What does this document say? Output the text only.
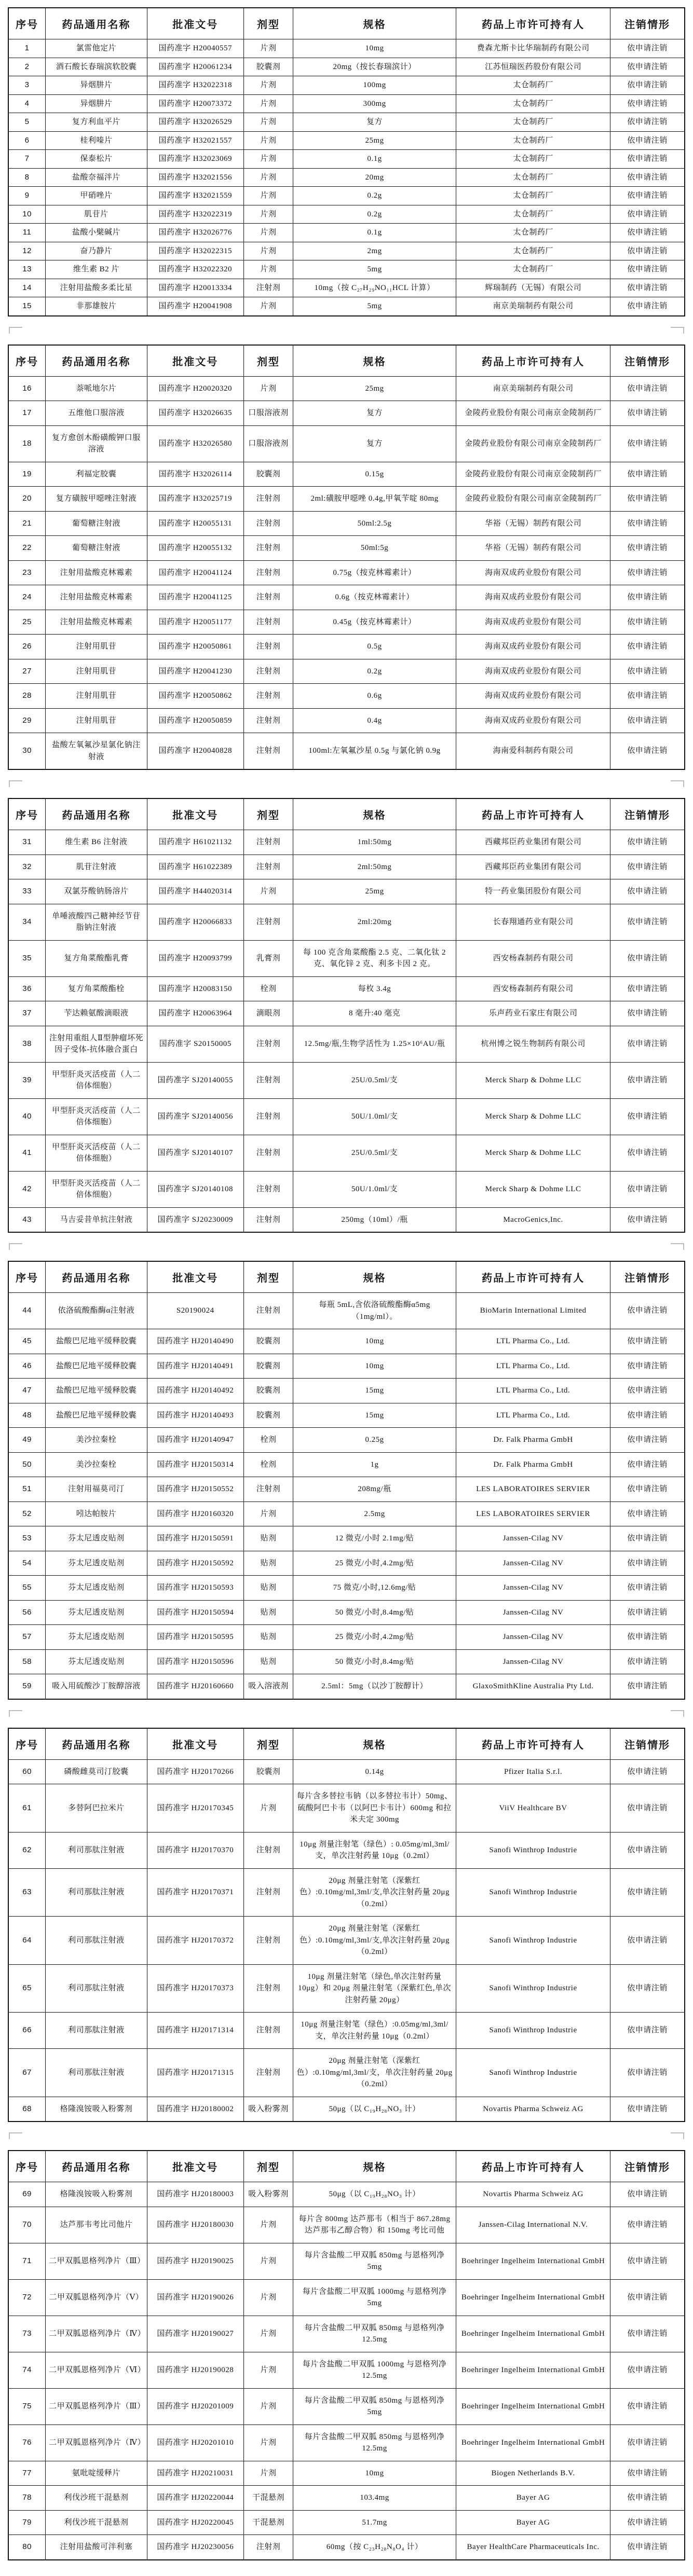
序号	药品通用名称	批准文号	剂型	规格	药品上市许可持有人	注销情形
1	氯雷他定片	国药准字 H20040557	片剂	10mg	费森尤斯卡比华瑞制药有限公司	依申请注销
2	酒石酸长春瑞滨软胶囊	国药准字 H20061234	胶囊剂	20mg（按长春瑞滨计）	江苏恒瑞医药股份有限公司	依申请注销
3	异烟肼片	国药准字 H32022318	片剂	100mg	太仓制药厂	依申请注销
4	异烟肼片	国药准字 H20073372	片剂	300mg	太仓制药厂	依申请注销
5	复方利血平片	国药准字 H32026529	片剂	复方	太仓制药厂	依申请注销
6	桂利嗪片	国药准字 H32021557	片剂	25mg	太仓制药厂	依申请注销
7	保泰松片	国药准字 H32023069	片剂	0.1g	太仓制药厂	依申请注销
8	盐酸奈福泮片	国药准字 H32021556	片剂	20mg	太仓制药厂	依申请注销
9	甲硝唑片	国药准字 H32021559	片剂	0.2g	太仓制药厂	依申请注销
10	肌苷片	国药准字 H32022319	片剂	0.2g	太仓制药厂	依申请注销
11	盐酸小檗碱片	国药准字 H32026776	片剂	0.1g	太仓制药厂	依申请注销
12	奋乃静片	国药准字 H32022315	片剂	2mg	太仓制药厂	依申请注销
13	维生素 B2 片	国药准字 H32022320	片剂	5mg	太仓制药厂	依申请注销
14	注射用盐酸多柔比星	国药准字 H20013334	注射剂	10mg（按 C₂₇H₂₉NO₁₁HCL 计算）	辉瑞制药（无锡）有限公司	依申请注销
15	非那雄胺片	国药准字 H20041908	片剂	5mg	南京美瑞制药有限公司	依申请注销
序号	药品通用名称	批准文号	剂型	规格	药品上市许可持有人	注销情形
16	萘哌地尔片	国药准字 H20020320	片剂	25mg	南京美瑞制药有限公司	依申请注销
17	五维他口服溶液	国药准字 H32026635	口服溶液剂	复方	金陵药业股份有限公司南京金陵制药厂	依申请注销
18	复方愈创木酚磺酸钾口服溶液	国药准字 H32026580	口服溶液剂	复方	金陵药业股份有限公司南京金陵制药厂	依申请注销
19	利福定胶囊	国药准字 H32026114	胶囊剂	0.15g	金陵药业股份有限公司南京金陵制药厂	依申请注销
20	复方磺胺甲噁唑注射液	国药准字 H32025719	注射剂	2ml:磺胺甲噁唑 0.4g,甲氧苄啶 80mg	金陵药业股份有限公司南京金陵制药厂	依申请注销
21	葡萄糖注射液	国药准字 H20055131	注射剂	50ml:2.5g	华裕（无锡）制药有限公司	依申请注销
22	葡萄糖注射液	国药准字 H20055132	注射剂	50ml:5g	华裕（无锡）制药有限公司	依申请注销
23	注射用盐酸克林霉素	国药准字 H20041124	注射剂	0.75g（按克林霉素计）	海南双成药业股份有限公司	依申请注销
24	注射用盐酸克林霉素	国药准字 H20041125	注射剂	0.6g（按克林霉素计）	海南双成药业股份有限公司	依申请注销
25	注射用盐酸克林霉素	国药准字 H20051177	注射剂	0.45g（按克林霉素计）	海南双成药业股份有限公司	依申请注销
26	注射用肌苷	国药准字 H20050861	注射剂	0.5g	海南双成药业股份有限公司	依申请注销
27	注射用肌苷	国药准字 H20041230	注射剂	0.2g	海南双成药业股份有限公司	依申请注销
28	注射用肌苷	国药准字 H20050862	注射剂	0.6g	海南双成药业股份有限公司	依申请注销
29	注射用肌苷	国药准字 H20050859	注射剂	0.4g	海南双成药业股份有限公司	依申请注销
30	盐酸左氧氟沙星氯化钠注射液	国药准字 H20040828	注射剂	100ml:左氧氟沙星 0.5g 与氯化钠 0.9g	海南爱科制药有限公司	依申请注销
序号	药品通用名称	批准文号	剂型	规格	药品上市许可持有人	注销情形
31	维生素 B6 注射液	国药准字 H61021132	注射剂	1ml:50mg	西藏邦臣药业集团有限公司	依申请注销
32	肌苷注射液	国药准字 H61022389	注射剂	2ml:50mg	西藏邦臣药业集团有限公司	依申请注销
33	双氯芬酸钠肠溶片	国药准字 H44020314	片剂	25mg	特一药业集团股份有限公司	依申请注销
34	单唾液酸四己糖神经节苷脂钠注射液	国药准字 H20066833	注射剂	2ml:20mg	长春翔通药业有限公司	依申请注销
35	复方角菜酸酯乳膏	国药准字 H20093799	乳膏剂	每 100 克含角菜酸酯 2.5 克、二氧化钛 2 克、氧化锌 2 克、利多卡因 2 克。	西安杨森制药有限公司	依申请注销
36	复方角菜酸酯栓	国药准字 H20083150	栓剂	每枚 3.4g	西安杨森制药有限公司	依申请注销
37	苄达赖氨酸滴眼液	国药准字 H20063964	滴眼剂	8 毫升:40 毫克	乐声药业石家庄有限公司	依申请注销
38	注射用重组人Ⅱ型肿瘤坏死因子受体-抗体融合蛋白	国药准字 S20150005	注射剂	12.5mg/瓶,生物学活性为 1.25×10⁶AU/瓶	杭州博之锐生物制药有限公司	依申请注销
39	甲型肝炎灭活疫苗（人二倍体细胞）	国药准字 SJ20140055	注射剂	25U/0.5ml/支	Merck Sharp & Dohme LLC	依申请注销
40	甲型肝炎灭活疫苗（人二倍体细胞）	国药准字 SJ20140056	注射剂	50U/1.0ml/支	Merck Sharp & Dohme LLC	依申请注销
41	甲型肝炎灭活疫苗（人二倍体细胞）	国药准字 SJ20140107	注射剂	25U/0.5ml/支	Merck Sharp & Dohme LLC	依申请注销
42	甲型肝炎灭活疫苗（人二倍体细胞）	国药准字 SJ20140108	注射剂	50U/1.0ml/支	Merck Sharp & Dohme LLC	依申请注销
43	马吉妥昔单抗注射液	国药准字 SJ20230009	注射剂	250mg（10ml）/瓶	MacroGenics,Inc.	依申请注销
序号	药品通用名称	批准文号	剂型	规格	药品上市许可持有人	注销情形
44	依洛硫酸酯酶α注射液	S20190024	注射剂	每瓶 5mL,含依洛硫酸酯酶α5mg（1mg/ml）。	BioMarin International Limited	依申请注销
45	盐酸巴尼地平缓释胶囊	国药准字 HJ20140490	胶囊剂	10mg	LTL Pharma Co., Ltd.	依申请注销
46	盐酸巴尼地平缓释胶囊	国药准字 HJ20140491	胶囊剂	10mg	LTL Pharma Co., Ltd.	依申请注销
47	盐酸巴尼地平缓释胶囊	国药准字 HJ20140492	胶囊剂	15mg	LTL Pharma Co., Ltd.	依申请注销
48	盐酸巴尼地平缓释胶囊	国药准字 HJ20140493	胶囊剂	15mg	LTL Pharma Co., Ltd.	依申请注销
49	美沙拉秦栓	国药准字 HJ20140947	栓剂	0.25g	Dr. Falk Pharma GmbH	依申请注销
50	美沙拉秦栓	国药准字 HJ20150314	栓剂	1g	Dr. Falk Pharma GmbH	依申请注销
51	注射用福莫司汀	国药准字 HJ20150552	注射剂	208mg/瓶	LES LABORATOIRES SERVIER	依申请注销
52	吲达帕胺片	国药准字 HJ20160320	片剂	2.5mg	LES LABORATOIRES SERVIER	依申请注销
53	芬太尼透皮贴剂	国药准字 HJ20150591	贴剂	12 微克/小时 2.1mg/贴	Janssen-Cilag NV	依申请注销
54	芬太尼透皮贴剂	国药准字 HJ20150592	贴剂	25 微克/小时,4.2mg/贴	Janssen-Cilag NV	依申请注销
55	芬太尼透皮贴剂	国药准字 HJ20150593	贴剂	75 微克/小时,12.6mg/贴	Janssen-Cilag NV	依申请注销
56	芬太尼透皮贴剂	国药准字 HJ20150594	贴剂	50 微克/小时,8.4mg/贴	Janssen-Cilag NV	依申请注销
57	芬太尼透皮贴剂	国药准字 HJ20150595	贴剂	25 微克/小时,4.2mg/贴	Janssen-Cilag NV	依申请注销
58	芬太尼透皮贴剂	国药准字 HJ20150596	贴剂	50 微克/小时,8.4mg/贴	Janssen-Cilag NV	依申请注销
59	吸入用硫酸沙丁胺醇溶液	国药准字 HJ20160660	吸入溶液剂	2.5ml：5mg（以沙丁胺醇计）	GlaxoSmithKline Australia Pty Ltd.	依申请注销
序号	药品通用名称	批准文号	剂型	规格	药品上市许可持有人	注销情形
60	磷酸雌莫司汀胶囊	国药准字 HJ20170266	胶囊剂	0.14g	Pfizer Italia S.r.l.	依申请注销
61	多替阿巴拉米片	国药准字 HJ20170345	片剂	每片含多替拉韦钠（以多替拉韦计）50mg、硫酸阿巴卡韦（以阿巴卡韦计）600mg 和拉米夫定 300mg	ViiV Healthcare BV	依申请注销
62	利司那肽注射液	国药准字 HJ20170370	注射剂	10μg 剂量注射笔（绿色）: 0.05mg/ml,3ml/支，单次注射药量 10μg（0.2ml）	Sanofi Winthrop Industrie	依申请注销
63	利司那肽注射液	国药准字 HJ20170371	注射剂	20μg 剂量注射笔（深紫红色）:0.10mg/ml,3ml/支,单次注射药量 20μg（0.2ml）	Sanofi Winthrop Industrie	依申请注销
64	利司那肽注射液	国药准字 HJ20170372	注射剂	20μg 剂量注射笔（深紫红色）:0.10mg/ml,3ml/支,单次注射药量 20μg（0.2ml）	Sanofi Winthrop Industrie	依申请注销
65	利司那肽注射液	国药准字 HJ20170373	注射剂	10μg 剂量注射笔（绿色,单次注射药量 10μg）和 20μg 剂量注射笔（深紫红色,单次注射药量 20μg）	Sanofi Winthrop Industrie	依申请注销
66	利司那肽注射液	国药准字 HJ20171314	注射剂	10μg 剂量注射笔（绿色）:0.05mg/ml,3ml/支，单次注射药量 10μg（0.2ml）	Sanofi Winthrop Industrie	依申请注销
67	利司那肽注射液	国药准字 HJ20171315	注射剂	20μg 剂量注射笔（深紫红色）:0.10mg/ml,3ml/支，单次注射药量 20μg（0.2ml）	Sanofi Winthrop Industrie	依申请注销
68	格隆溴铵吸入粉雾剂	国药准字 HJ20180002	吸入粉雾剂	50μg（以 C₁₉H₂₈NO₃ 计）	Novartis Pharma Schweiz AG	依申请注销
序号	药品通用名称	批准文号	剂型	规格	药品上市许可持有人	注销情形
69	格隆溴铵吸入粉雾剂	国药准字 HJ20180003	吸入粉雾剂	50μg（以 C₁₉H₂₈NO₃ 计）	Novartis Pharma Schweiz AG	依申请注销
70	达芦那韦考比司他片	国药准字 HJ20180030	片剂	每片含 800mg 达芦那韦（相当于 867.28mg 达芦那韦乙醇合物）和 150mg 考比司他	Janssen-Cilag International N.V.	依申请注销
71	二甲双胍恩格列净片（Ⅲ）	国药准字 HJ20190025	片剂	每片含盐酸二甲双胍 850mg 与恩格列净 5mg	Boehringer Ingelheim International GmbH	依申请注销
72	二甲双胍恩格列净片（Ⅴ）	国药准字 HJ20190026	片剂	每片含盐酸二甲双胍 1000mg 与恩格列净 5mg	Boehringer Ingelheim International GmbH	依申请注销
73	二甲双胍恩格列净片（Ⅳ）	国药准字 HJ20190027	片剂	每片含盐酸二甲双胍 850mg 与恩格列净 12.5mg	Boehringer Ingelheim International GmbH	依申请注销
74	二甲双胍恩格列净片（Ⅵ）	国药准字 HJ20190028	片剂	每片含盐酸二甲双胍 1000mg 与恩格列净 12.5mg	Boehringer Ingelheim International GmbH	依申请注销
75	二甲双胍恩格列净片（Ⅲ）	国药准字 HJ20201009	片剂	每片含盐酸二甲双胍 850mg 与恩格列净 5mg	Boehringer Ingelheim International GmbH	依申请注销
76	二甲双胍恩格列净片（Ⅳ）	国药准字 HJ20201010	片剂	每片含盐酸二甲双胍 850mg 与恩格列净 12.5mg	Boehringer Ingelheim International GmbH	依申请注销
77	氨吡啶缓释片	国药准字 HJ20210031	片剂	10mg	Biogen Netherlands B.V.	依申请注销
78	利伐沙班干混悬剂	国药准字 HJ20220044	干混悬剂	103.4mg	Bayer AG	依申请注销
79	利伐沙班干混悬剂	国药准字 HJ20220045	干混悬剂	51.7mg	Bayer AG	依申请注销
80	注射用盐酸可泮利塞	国药准字 HJ20230056	注射剂	60mg（按 C₂₃H₂₈N₈O₄ 计）	Bayer HealthCare Pharmaceuticals Inc.	依申请注销
